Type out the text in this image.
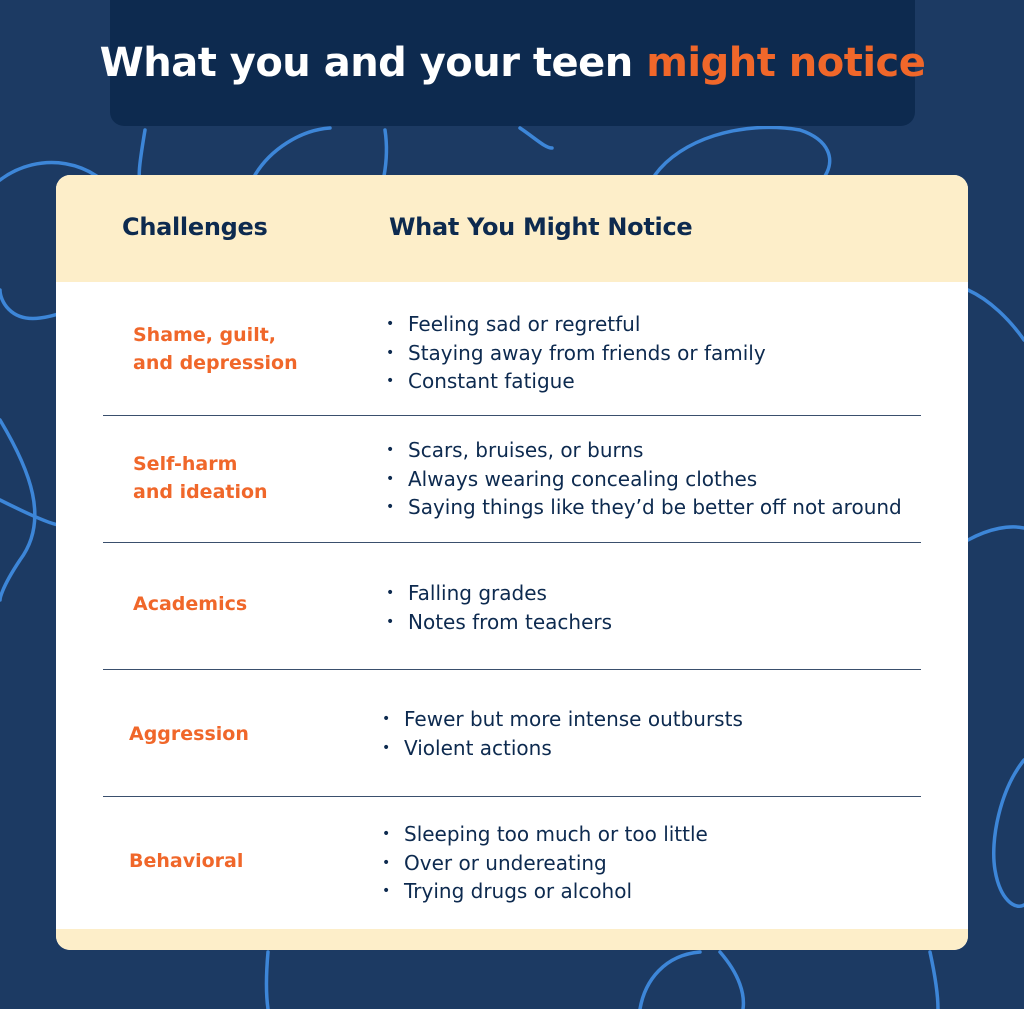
What you and your teen might notice
Challenges	What You Might Notice
Shame, guilt,
and depression
• Feeling sad or regretful
• Staying away from friends or family
• Constant fatigue
Self-harm
and ideation
• Scars, bruises, or burns
• Always wearing concealing clothes
• Saying things like they’d be better off not around
Academics
•	Falling grades
• Notes from teachers
Aggression
• Fewer but more intense outbursts
• Violent actions
Behavioral
• Sleeping too much or too little
• Over or undereating
• Trying drugs or alcohol
